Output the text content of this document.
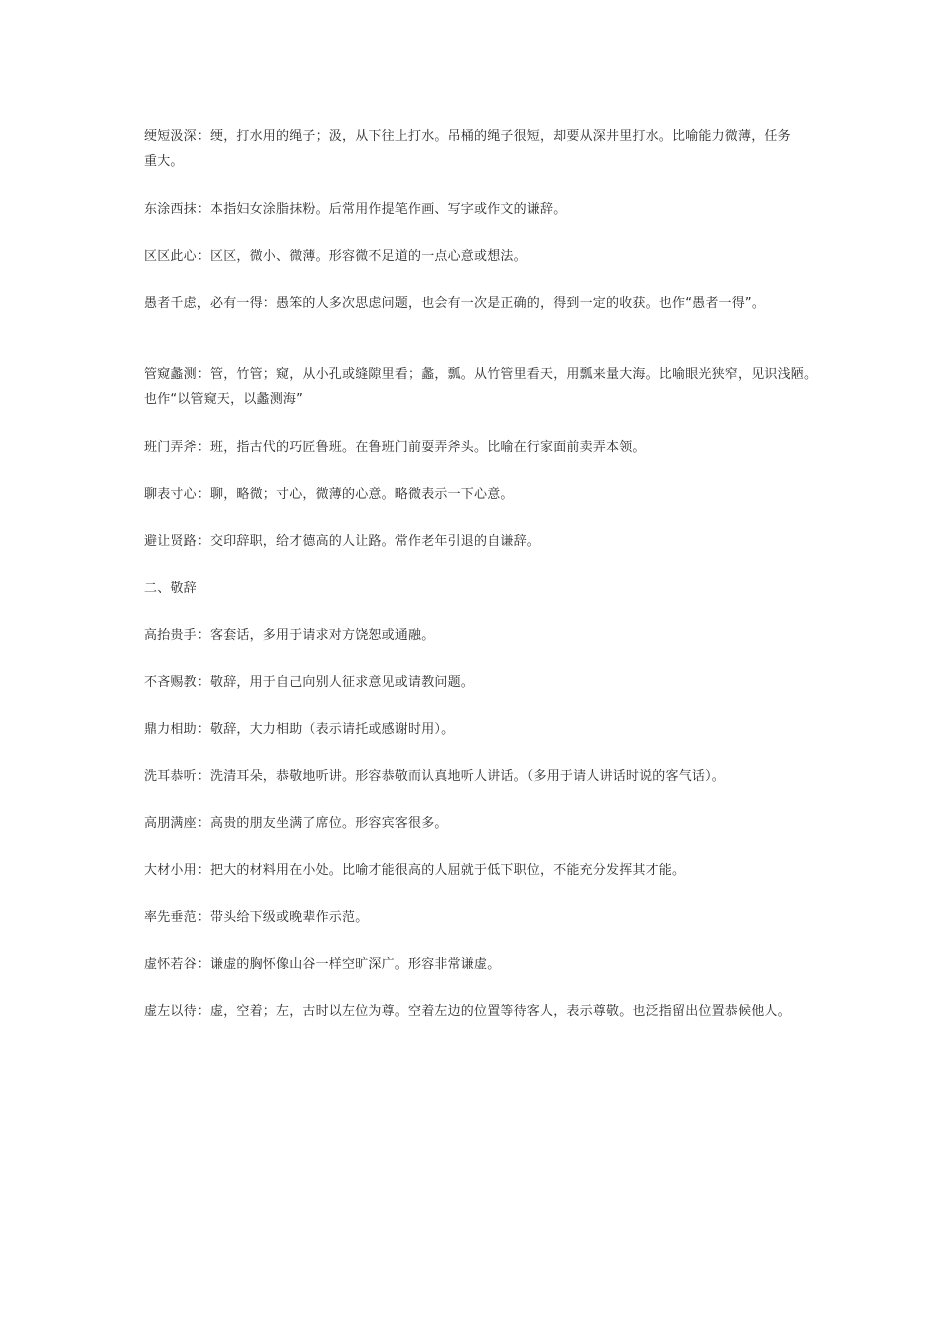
绠短汲深：绠，打水用的绳子；汲，从下往上打水。吊桶的绳子很短，却要从深井里打水。比喻能力微薄，任务
重大。

东涂西抹：本指妇女涂脂抹粉。后常用作提笔作画、写字或作文的谦辞。

区区此心：区区，微小、微薄。形容微不足道的一点心意或想法。

愚者千虑，必有一得：愚笨的人多次思虑问题，也会有一次是正确的，得到一定的收获。也作“愚者一得”。

管窥蠡测：管，竹管；窥，从小孔或缝隙里看；蠡，瓢。从竹管里看天，用瓢来量大海。比喻眼光狭窄，见识浅陋。
也作“以管窥天，以蠡测海”

班门弄斧：班，指古代的巧匠鲁班。在鲁班门前耍弄斧头。比喻在行家面前卖弄本领。

聊表寸心：聊，略微；寸心，微薄的心意。略微表示一下心意。

避让贤路：交印辞职，给才德高的人让路。常作老年引退的自谦辞。

二、敬辞

高抬贵手：客套话，多用于请求对方饶恕或通融。

不吝赐教：敬辞，用于自己向别人征求意见或请教问题。

鼎力相助：敬辞，大力相助（表示请托或感谢时用）。

洗耳恭听：洗清耳朵，恭敬地听讲。形容恭敬而认真地听人讲话。（多用于请人讲话时说的客气话）。

高朋满座：高贵的朋友坐满了席位。形容宾客很多。

大材小用：把大的材料用在小处。比喻才能很高的人屈就于低下职位，不能充分发挥其才能。

率先垂范：带头给下级或晚辈作示范。

虚怀若谷：谦虚的胸怀像山谷一样空旷深广。形容非常谦虚。

虚左以待：虚，空着；左，古时以左位为尊。空着左边的位置等待客人，表示尊敬。也泛指留出位置恭候他人。
